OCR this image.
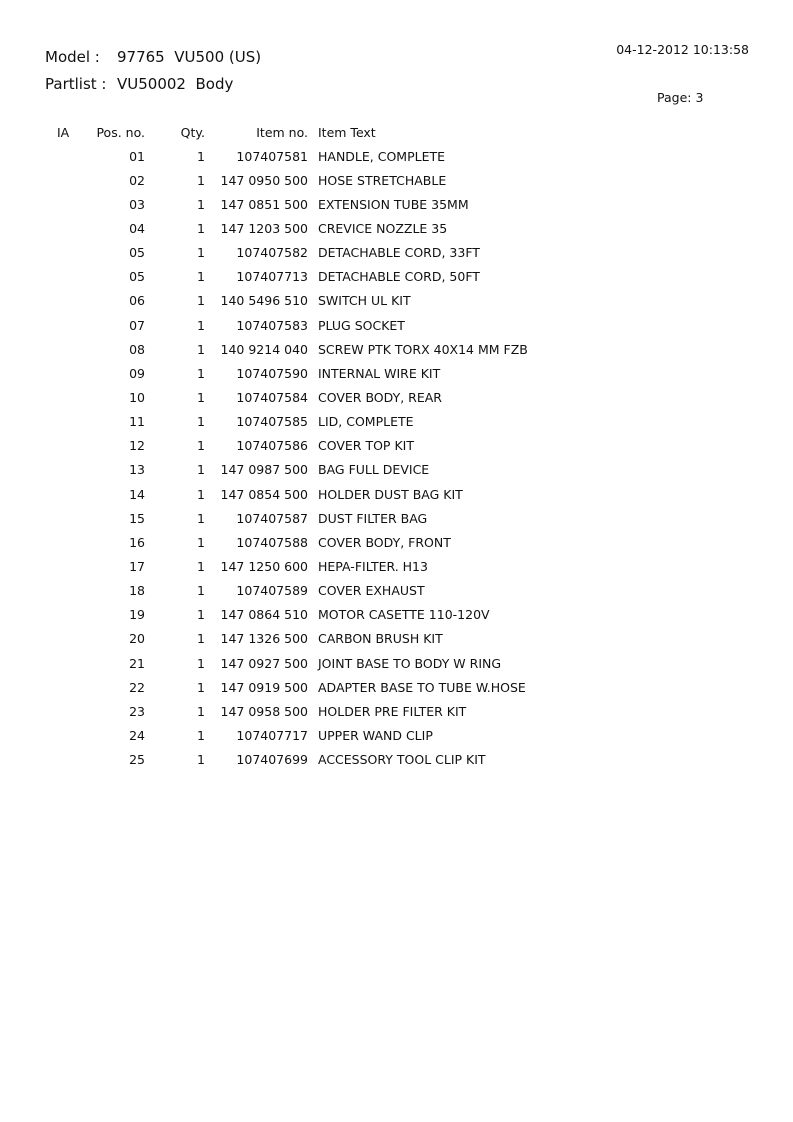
Model : 97765  VU500 (US)
Partlist : VU50002  Body
04-12-2012 10:13:58
Page: 3
IA	Pos. no.	Qty.	Item no.	Item Text
	01	1	107407581	HANDLE, COMPLETE
	02	1	147 0950 500	HOSE STRETCHABLE
	03	1	147 0851 500	EXTENSION TUBE 35MM
	04	1	147 1203 500	CREVICE NOZZLE 35
	05	1	107407582	DETACHABLE CORD, 33FT
	05	1	107407713	DETACHABLE CORD, 50FT
	06	1	140 5496 510	SWITCH UL KIT
	07	1	107407583	PLUG SOCKET
	08	1	140 9214 040	SCREW PTK TORX 40X14 MM FZB
	09	1	107407590	INTERNAL WIRE KIT
	10	1	107407584	COVER BODY, REAR
	11	1	107407585	LID, COMPLETE
	12	1	107407586	COVER TOP KIT
	13	1	147 0987 500	BAG FULL DEVICE
	14	1	147 0854 500	HOLDER DUST BAG KIT
	15	1	107407587	DUST FILTER BAG
	16	1	107407588	COVER BODY, FRONT
	17	1	147 1250 600	HEPA-FILTER. H13
	18	1	107407589	COVER EXHAUST
	19	1	147 0864 510	MOTOR CASETTE 110-120V
	20	1	147 1326 500	CARBON BRUSH KIT
	21	1	147 0927 500	JOINT BASE TO BODY W RING
	22	1	147 0919 500	ADAPTER BASE TO TUBE W.HOSE
	23	1	147 0958 500	HOLDER PRE FILTER KIT
	24	1	107407717	UPPER WAND CLIP
	25	1	107407699	ACCESSORY TOOL CLIP KIT
